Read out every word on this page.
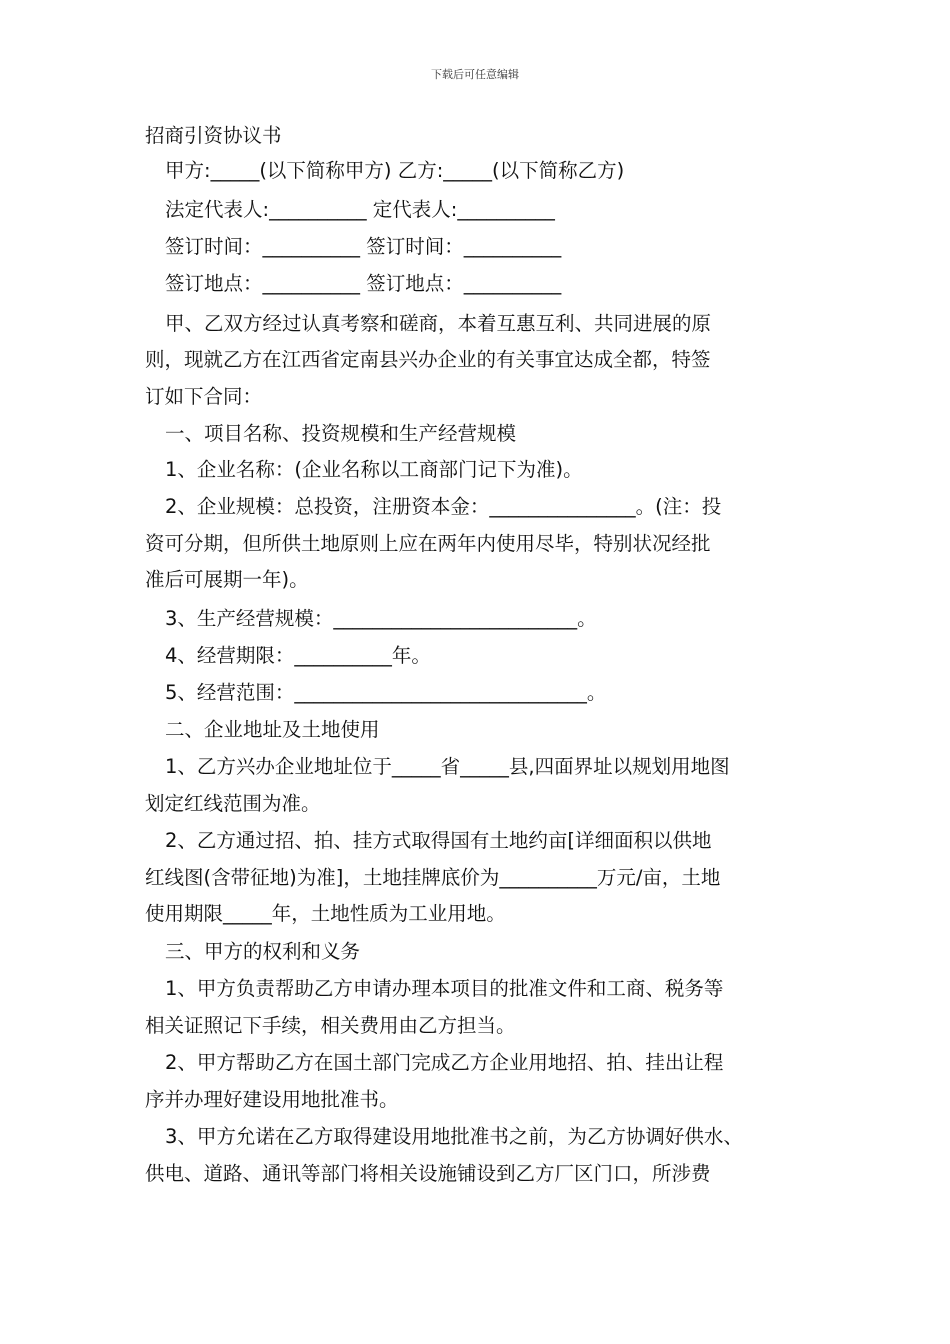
下载后可任意编辑
招商引资协议书
甲方:_____(以下简称甲方) 乙方:_____(以下简称乙方)
法定代表人:__________ 定代表人:__________
签订时间：__________ 签订时间：__________
签订地点：__________ 签订地点：__________
甲、乙双方经过认真考察和磋商，本着互惠互利、共同进展的原
则，现就乙方在江西省定南县兴办企业的有关事宜达成全都，特签
订如下合同：
一、项目名称、投资规模和生产经营规模
1、企业名称：(企业名称以工商部门记下为准)。
2、企业规模：总投资，注册资本金：_______________。(注：投
资可分期，但所供土地原则上应在两年内使用尽毕，特别状况经批
准后可展期一年)。
3、生产经营规模：_________________________。
4、经营期限：__________年。
5、经营范围：______________________________。
二、企业地址及土地使用
1、乙方兴办企业地址位于_____省_____县,四面界址以规划用地图
划定红线范围为准。
2、乙方通过招、拍、挂方式取得国有土地约亩[详细面积以供地
红线图(含带征地)为准]，土地挂牌底价为__________万元/亩，土地
使用期限_____年，土地性质为工业用地。
三、甲方的权利和义务
1、甲方负责帮助乙方申请办理本项目的批准文件和工商、税务等
相关证照记下手续，相关费用由乙方担当。
2、甲方帮助乙方在国土部门完成乙方企业用地招、拍、挂出让程
序并办理好建设用地批准书。
3、甲方允诺在乙方取得建设用地批准书之前，为乙方协调好供水、
供电、道路、通讯等部门将相关设施铺设到乙方厂区门口，所涉费
